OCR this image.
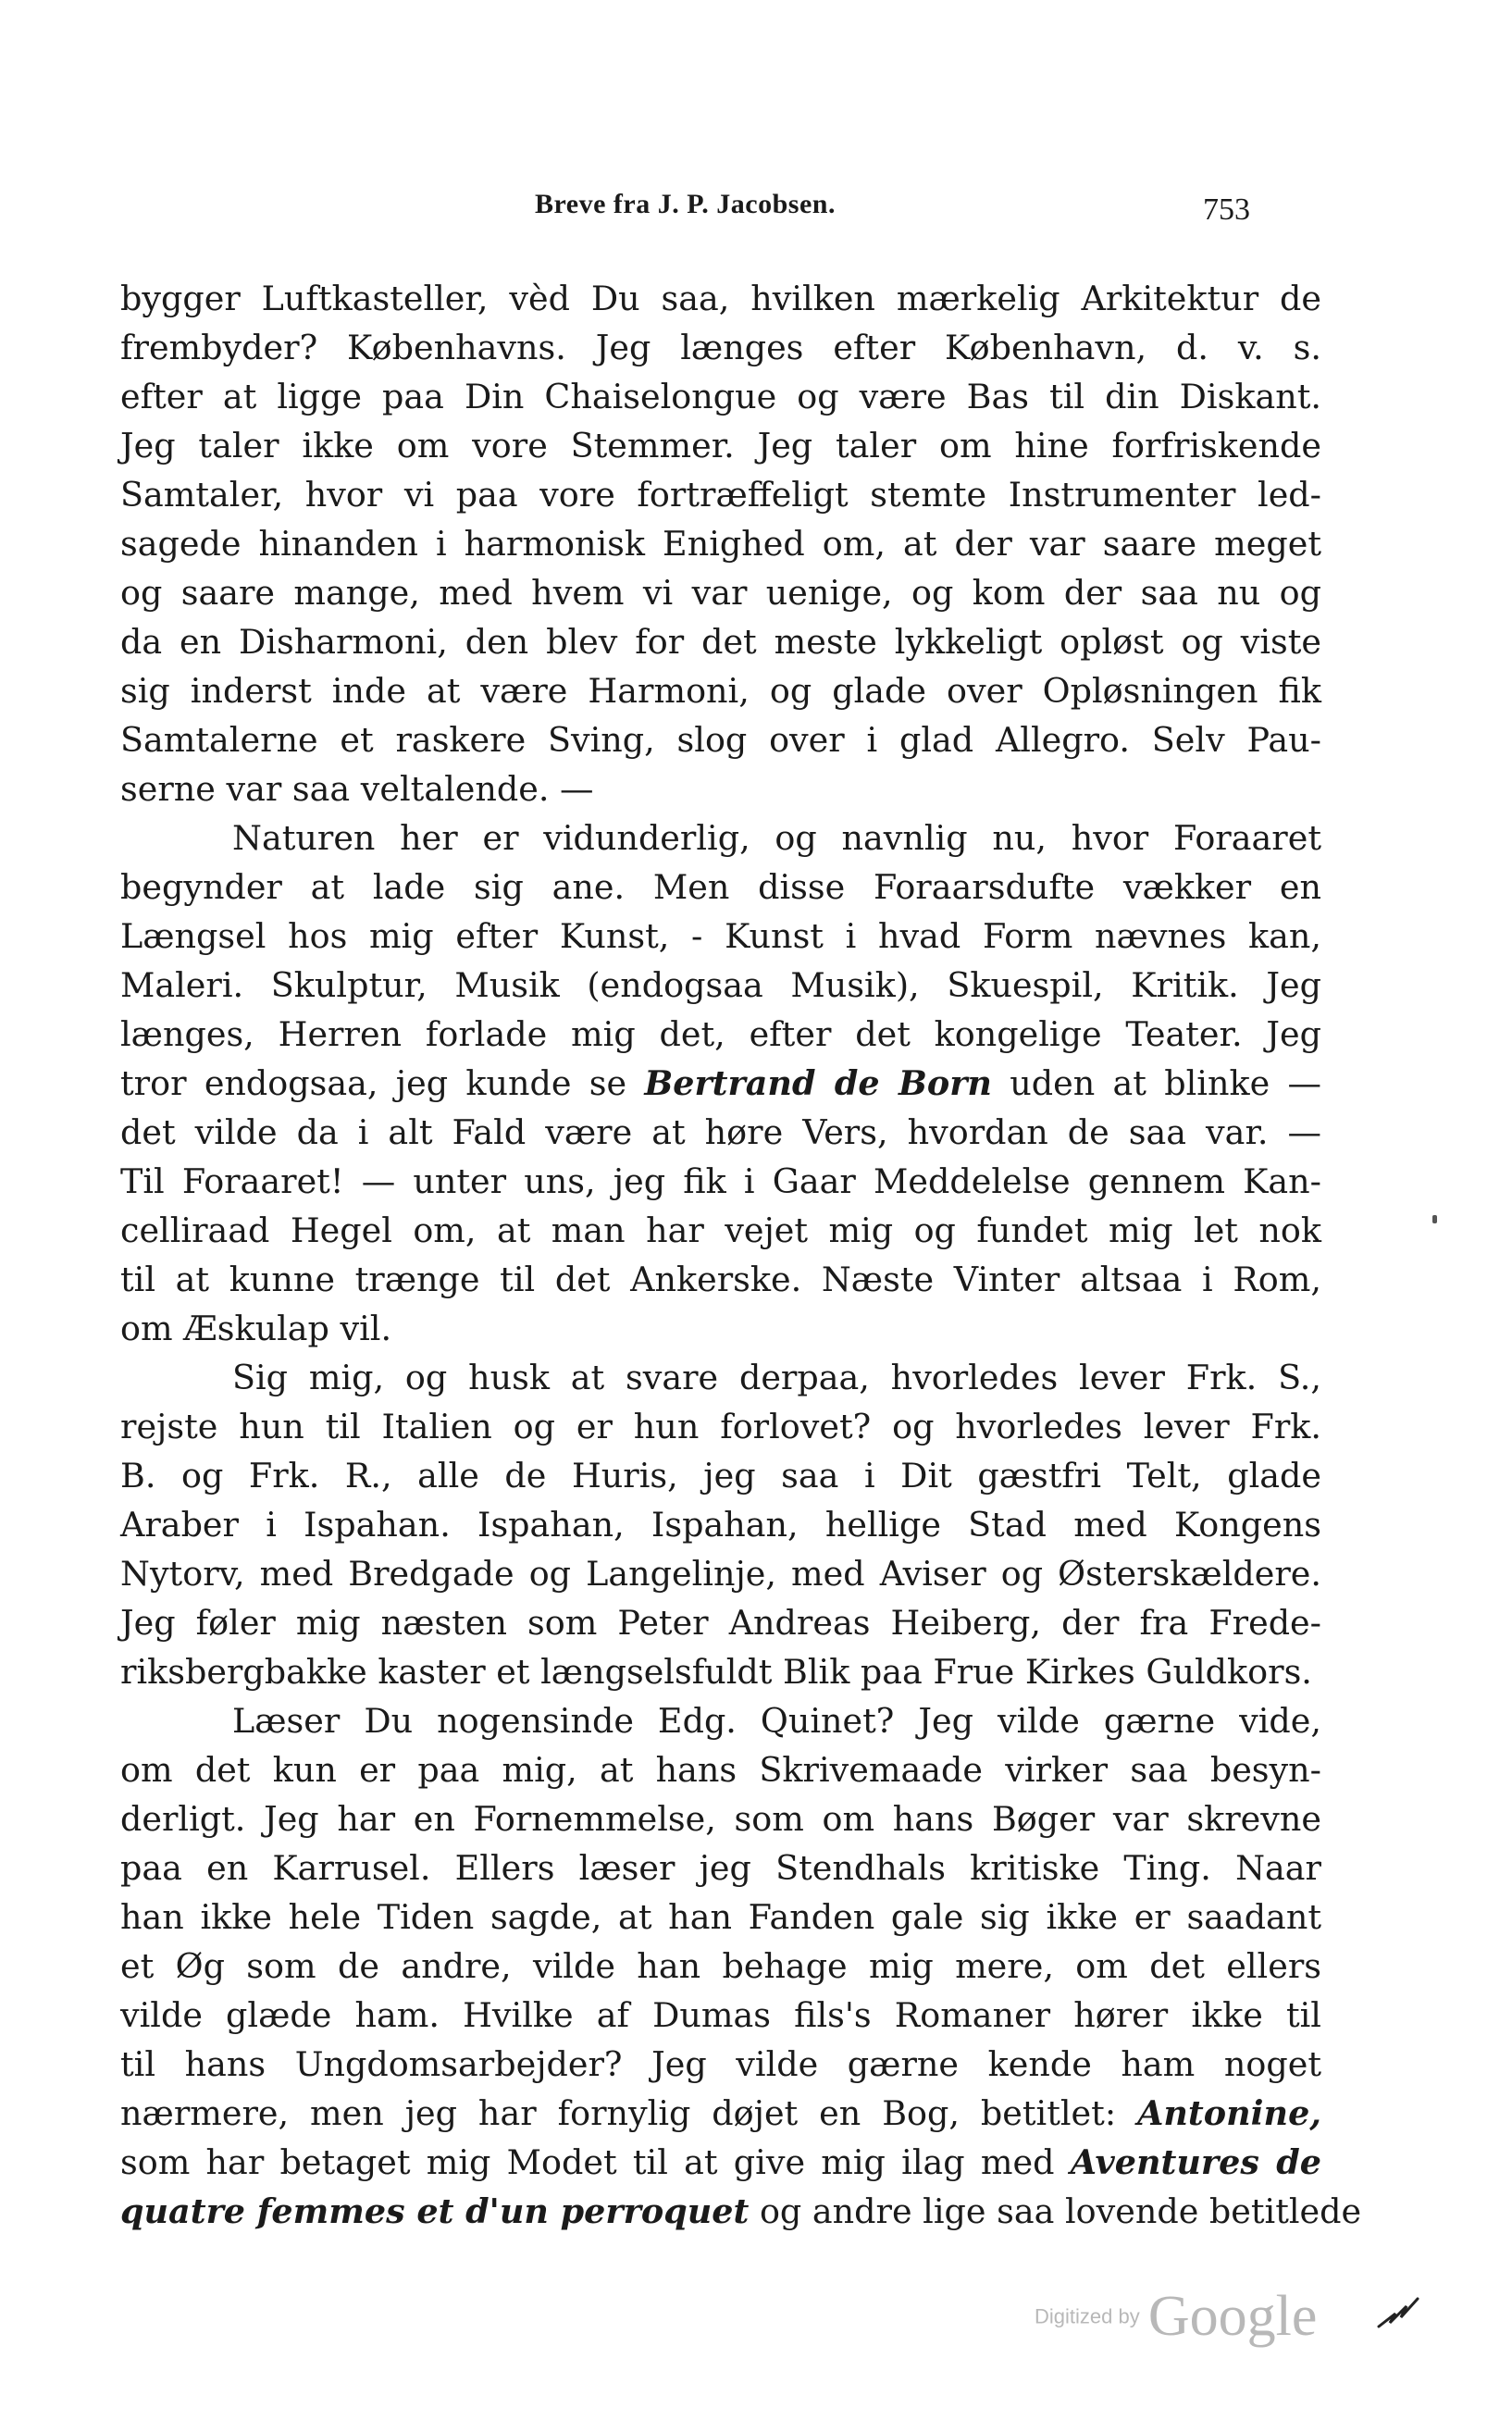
Breve fra J. P. Jacobsen.	753
bygger Luftkasteller, vèd Du saa, hvilken mærkelig Arkitektur de
frembyder? Københavns. Jeg længes efter København, d. v. s.
efter at ligge paa Din Chaiselongue og være Bas til din Diskant.
Jeg taler ikke om vore Stemmer. Jeg taler om hine forfriskende
Samtaler, hvor vi paa vore fortræffeligt stemte Instrumenter led-
sagede hinanden i harmonisk Enighed om, at der var saare meget
og saare mange, med hvem vi var uenige, og kom der saa nu og
da en Disharmoni, den blev for det meste lykkeligt opløst og viste
sig inderst inde at være Harmoni, og glade over Opløsningen fik
Samtalerne et raskere Sving, slog over i glad Allegro. Selv Pau-
serne var saa veltalende. —
Naturen her er vidunderlig, og navnlig nu, hvor Foraaret
begynder at lade sig ane. Men disse Foraarsdufte vækker en
Længsel hos mig efter Kunst, - Kunst i hvad Form nævnes kan,
Maleri. Skulptur, Musik (endogsaa Musik), Skuespil, Kritik. Jeg
længes, Herren forlade mig det, efter det kongelige Teater. Jeg
tror endogsaa, jeg kunde se Bertrand de Born uden at blinke —
det vilde da i alt Fald være at høre Vers, hvordan de saa var. —
Til Foraaret! — unter uns, jeg fik i Gaar Meddelelse gennem Kan-
celliraad Hegel om, at man har vejet mig og fundet mig let nok
til at kunne trænge til det Ankerske. Næste Vinter altsaa i Rom,
om Æskulap vil.
Sig mig, og husk at svare derpaa, hvorledes lever Frk. S.,
rejste hun til Italien og er hun forlovet? og hvorledes lever Frk.
B. og Frk. R., alle de Huris, jeg saa i Dit gæstfri Telt, glade
Araber i Ispahan. Ispahan, Ispahan, hellige Stad med Kongens
Nytorv, med Bredgade og Langelinje, med Aviser og Østerskældere.
Jeg føler mig næsten som Peter Andreas Heiberg, der fra Frede-
riksbergbakke kaster et længselsfuldt Blik paa Frue Kirkes Guldkors.
Læser Du nogensinde Edg. Quinet? Jeg vilde gærne vide,
om det kun er paa mig, at hans Skrivemaade virker saa besyn-
derligt. Jeg har en Fornemmelse, som om hans Bøger var skrevne
paa en Karrusel. Ellers læser jeg Stendhals kritiske Ting. Naar
han ikke hele Tiden sagde, at han Fanden gale sig ikke er saadant
et Øg som de andre, vilde han behage mig mere, om det ellers
vilde glæde ham. Hvilke af Dumas fils's Romaner hører ikke til
til hans Ungdomsarbejder? Jeg vilde gærne kende ham noget
nærmere, men jeg har fornylig døjet en Bog, betitlet: Antonine,
som har betaget mig Modet til at give mig ilag med Aventures de
quatre femmes et d'un perroquet og andre lige saa lovende betitlede
Digitized by Google
